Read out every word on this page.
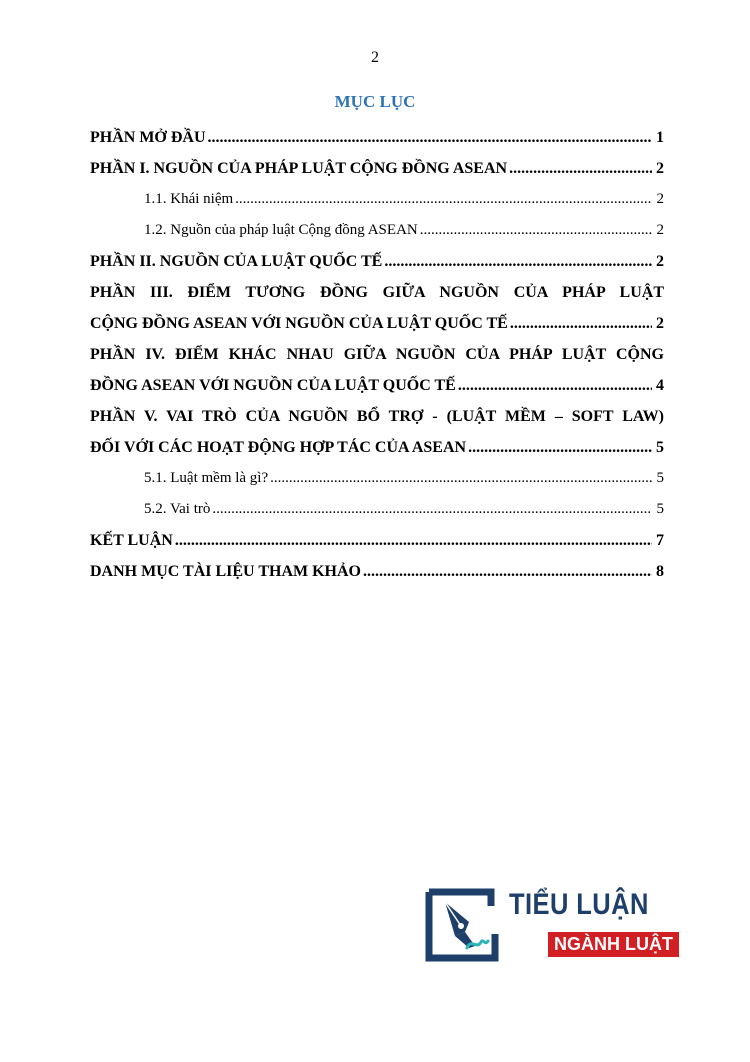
2
MỤC LỤC
PHẦN MỞ ĐẦU .....	1
PHẦN I. NGUỒN CỦA PHÁP LUẬT CỘNG ĐỒNG ASEAN .....	2
1.1. Khái niệm .....	2
1.2. Nguồn của pháp luật Cộng đồng ASEAN .....	2
PHẦN II. NGUỒN CỦA LUẬT QUỐC TẾ .....	2
PHẦN III. ĐIỂM TƯƠNG ĐỒNG GIỮA NGUỒN CỦA PHÁP LUẬT
CỘNG ĐỒNG ASEAN VỚI NGUỒN CỦA LUẬT QUỐC TẾ .....	2
PHẦN IV. ĐIỂM KHÁC NHAU GIỮA NGUỒN CỦA PHÁP LUẬT CỘNG
ĐỒNG ASEAN VỚI NGUỒN CỦA LUẬT QUỐC TẾ .....	4
PHẦN V. VAI TRÒ CỦA NGUỒN BỔ TRỢ - (LUẬT MỀM – SOFT LAW)
ĐỐI VỚI CÁC HOẠT ĐỘNG HỢP TÁC CỦA ASEAN .....	5
5.1. Luật mềm là gì? .....	5
5.2. Vai trò .....	5
KẾT LUẬN .....	7
DANH MỤC TÀI LIỆU THAM KHẢO .....	8
TIỂU LUẬN
NGÀNH LUẬT
